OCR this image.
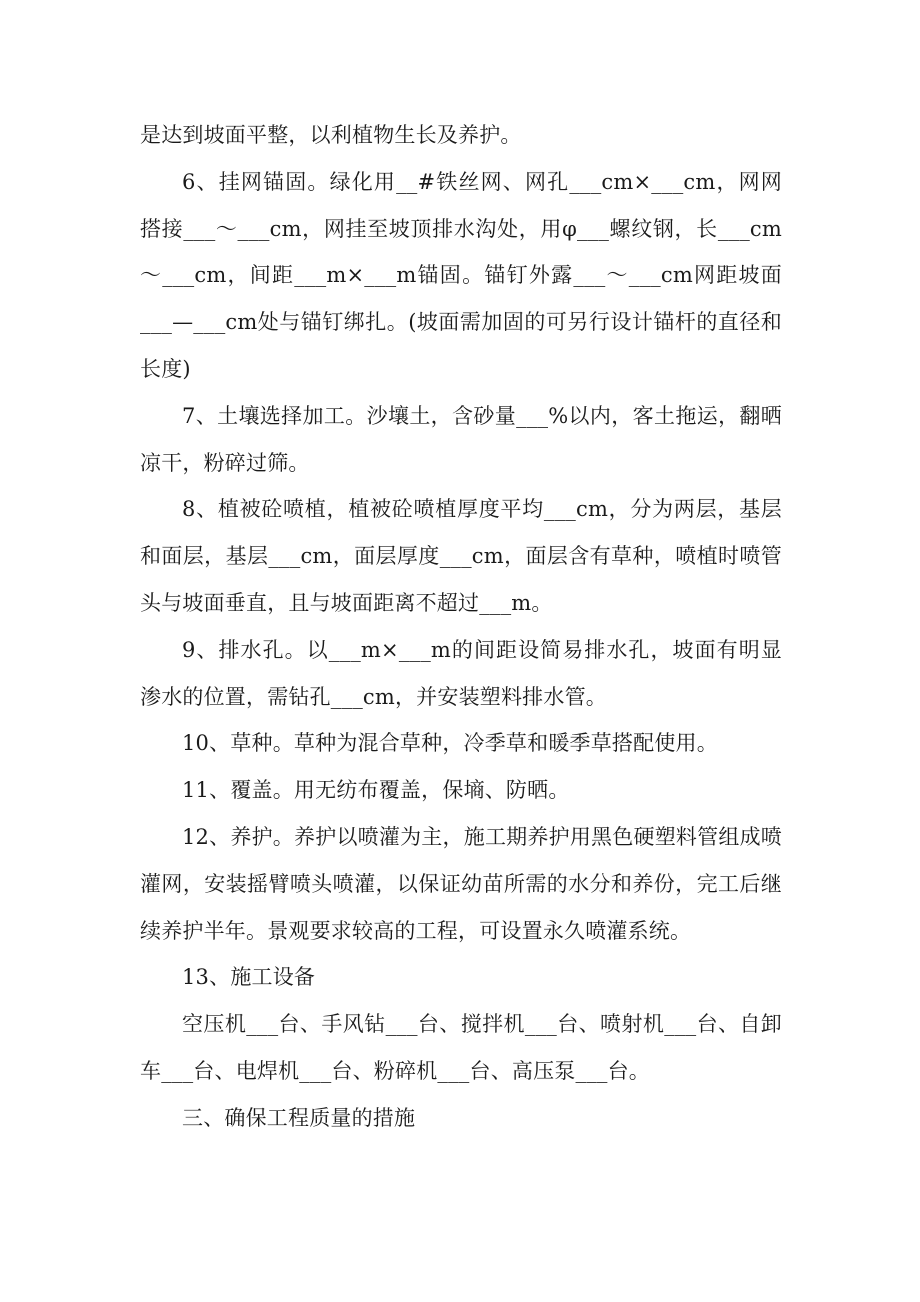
是达到坡面平整，以利植物生长及养护。

6、挂网锚固。绿化用__#铁丝网、网孔___cm×___cm，网网搭接___～___cm，网挂至坡顶排水沟处，用φ___螺纹钢，长___cm～___cm，间距___m×___m锚固。锚钉外露___～___cm网距坡面___—___cm处与锚钉绑扎。(坡面需加固的可另行设计锚杆的直径和长度)

7、土壤选择加工。沙壤土，含砂量___%以内，客土拖运，翻晒凉干，粉碎过筛。

8、植被砼喷植，植被砼喷植厚度平均___cm，分为两层，基层和面层，基层___cm，面层厚度___cm，面层含有草种，喷植时喷管头与坡面垂直，且与坡面距离不超过___m。

9、排水孔。以___m×___m的间距设简易排水孔，坡面有明显渗水的位置，需钻孔___cm，并安装塑料排水管。

10、草种。草种为混合草种，冷季草和暖季草搭配使用。

11、覆盖。用无纺布覆盖，保墒、防晒。

12、养护。养护以喷灌为主，施工期养护用黑色硬塑料管组成喷灌网，安装摇臂喷头喷灌，以保证幼苗所需的水分和养份，完工后继续养护半年。景观要求较高的工程，可设置永久喷灌系统。

13、施工设备

空压机___台、手风钻___台、搅拌机___台、喷射机___台、自卸车___台、电焊机___台、粉碎机___台、高压泵___台。

三、确保工程质量的措施
